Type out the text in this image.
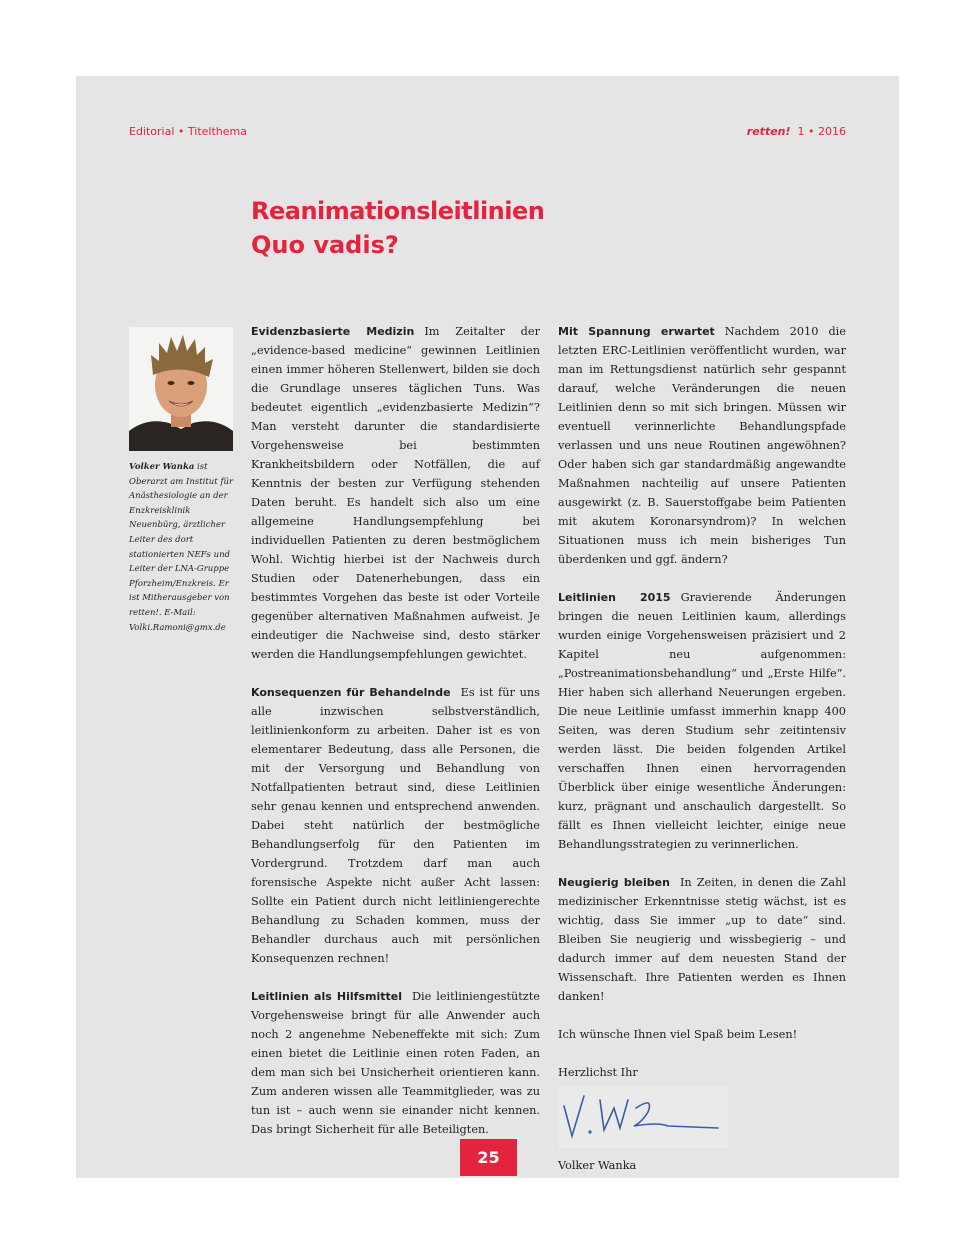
Editorial • Titelthema	retten! 1 • 2016
Reanimationsleitlinien
Quo vadis?
Volker Wanka ist Oberarzt am Institut für Anästhesiologie an der Enzkreisklinik Neuenbürg, ärztlicher Leiter des dort stationierten NEFs und Leiter der LNA-Gruppe Pforzheim/Enzkreis. Er ist Mitherausgeber von retten!. E-Mail: Volki.Ramoni@gmx.de

Evidenzbasierte Medizin Im Zeitalter der „evidence-based medicine“ gewinnen Leitlinien einen immer höheren Stellenwert, bilden sie doch die Grundlage unseres täglichen Tuns. Was bedeutet eigentlich „evidenzbasierte Medizin“? Man versteht darunter die standardisierte Vorgehensweise bei bestimmten Krankheitsbildern oder Notfällen, die auf Kenntnis der besten zur Verfügung stehenden Daten beruht. Es handelt sich also um eine allgemeine Handlungsempfehlung bei individuellen Patienten zu deren bestmöglichem Wohl. Wichtig hierbei ist der Nachweis durch Studien oder Datenerhebungen, dass ein bestimmtes Vorgehen das beste ist oder Vorteile gegenüber alternativen Maßnahmen aufweist. Je eindeutiger die Nachweise sind, desto stärker werden die Handlungsempfehlungen gewichtet.

Konsequenzen für Behandelnde Es ist für uns alle inzwischen selbstverständlich, leitlinienkonform zu arbeiten. Daher ist es von elementarer Bedeutung, dass alle Personen, die mit der Versorgung und Behandlung von Notfallpatienten betraut sind, diese Leitlinien sehr genau kennen und entsprechend anwenden. Dabei steht natürlich der bestmögliche Behandlungserfolg für den Patienten im Vordergrund. Trotzdem darf man auch forensische Aspekte nicht außer Acht lassen: Sollte ein Patient durch nicht leitliniengerechte Behandlung zu Schaden kommen, muss der Behandler durchaus auch mit persönlichen Konsequenzen rechnen!

Leitlinien als Hilfsmittel Die leitliniengestützte Vorgehensweise bringt für alle Anwender auch noch 2 angenehme Nebeneffekte mit sich: Zum einen bietet die Leitlinie einen roten Faden, an dem man sich bei Unsicherheit orientieren kann. Zum anderen wissen alle Teammitglieder, was zu tun ist – auch wenn sie einander nicht kennen. Das bringt Sicherheit für alle Beteiligten.

Mit Spannung erwartet Nachdem 2010 die letzten ERC-Leitlinien veröffentlicht wurden, war man im Rettungsdienst natürlich sehr gespannt darauf, welche Veränderungen die neuen Leitlinien denn so mit sich bringen. Müssen wir eventuell verinnerlichte Behandlungspfade verlassen und uns neue Routinen angewöhnen? Oder haben sich gar standardmäßig angewandte Maßnahmen nachteilig auf unsere Patienten ausgewirkt (z. B. Sauerstoffgabe beim Patienten mit akutem Koronarsyndrom)? In welchen Situationen muss ich mein bisheriges Tun überdenken und ggf. ändern?

Leitlinien 2015 Gravierende Änderungen bringen die neuen Leitlinien kaum, allerdings wurden einige Vorgehensweisen präzisiert und 2 Kapitel neu aufgenommen: „Postreanimationsbehandlung“ und „Erste Hilfe“. Hier haben sich allerhand Neuerungen ergeben. Die neue Leitlinie umfasst immerhin knapp 400 Seiten, was deren Studium sehr zeitintensiv werden lässt. Die beiden folgenden Artikel verschaffen Ihnen einen hervorragenden Überblick über einige wesentliche Änderungen: kurz, prägnant und anschaulich dargestellt. So fällt es Ihnen vielleicht leichter, einige neue Behandlungsstrategien zu verinnerlichen.

Neugierig bleiben In Zeiten, in denen die Zahl medizinischer Erkenntnisse stetig wächst, ist es wichtig, dass Sie immer „up to date“ sind. Bleiben Sie neugierig und wissbegierig – und dadurch immer auf dem neuesten Stand der Wissenschaft. Ihre Patienten werden es Ihnen danken!

Ich wünsche Ihnen viel Spaß beim Lesen!

Herzlichst Ihr

Volker Wanka

25
